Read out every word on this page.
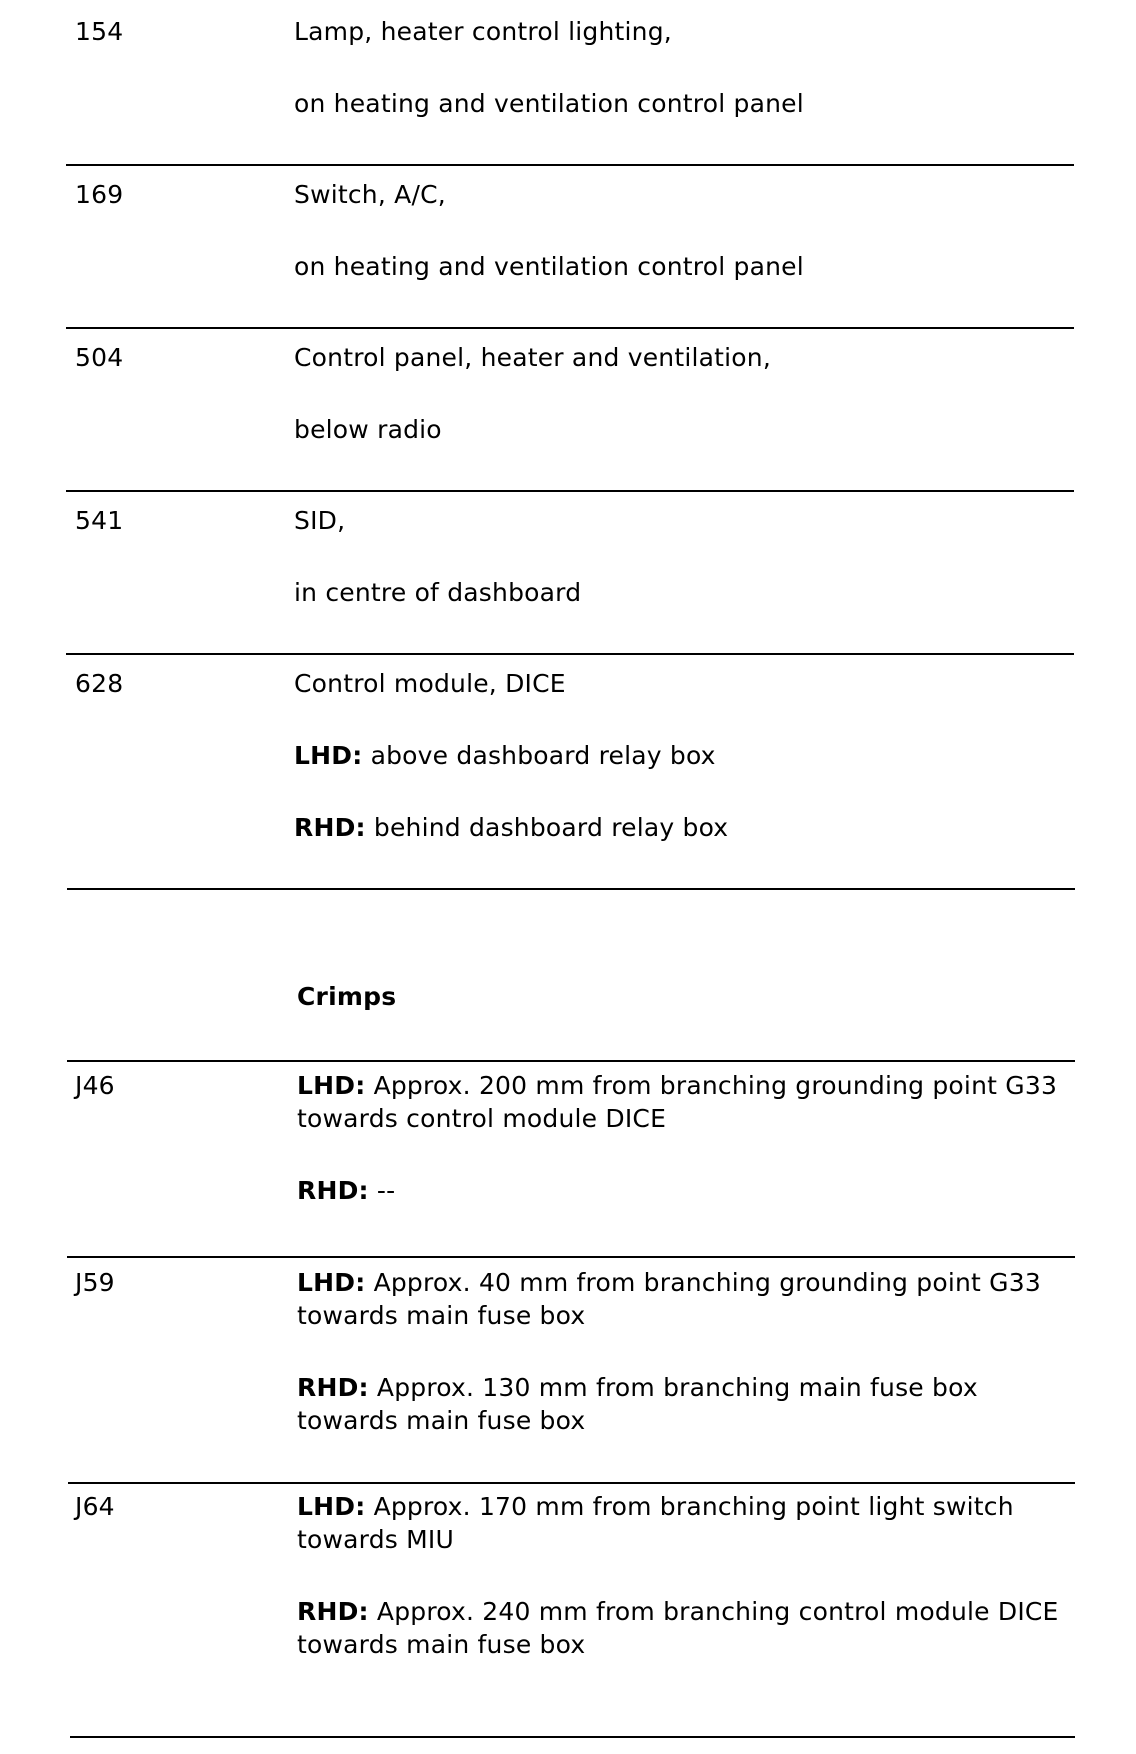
154	Lamp, heater control lighting,
on heating and ventilation control panel
169	Switch, A/C,
on heating and ventilation control panel
504	Control panel, heater and ventilation,
below radio
541	SID,
in centre of dashboard
628	Control module, DICE
LHD: above dashboard relay box
RHD: behind dashboard relay box
Crimps
J46	LHD: Approx. 200 mm from branching grounding point G33 towards control module DICE
RHD: --
J59	LHD: Approx. 40 mm from branching grounding point G33 towards main fuse box
RHD: Approx. 130 mm from branching main fuse box towards main fuse box
J64	LHD: Approx. 170 mm from branching point light switch towards MIU
RHD: Approx. 240 mm from branching control module DICE towards main fuse box
